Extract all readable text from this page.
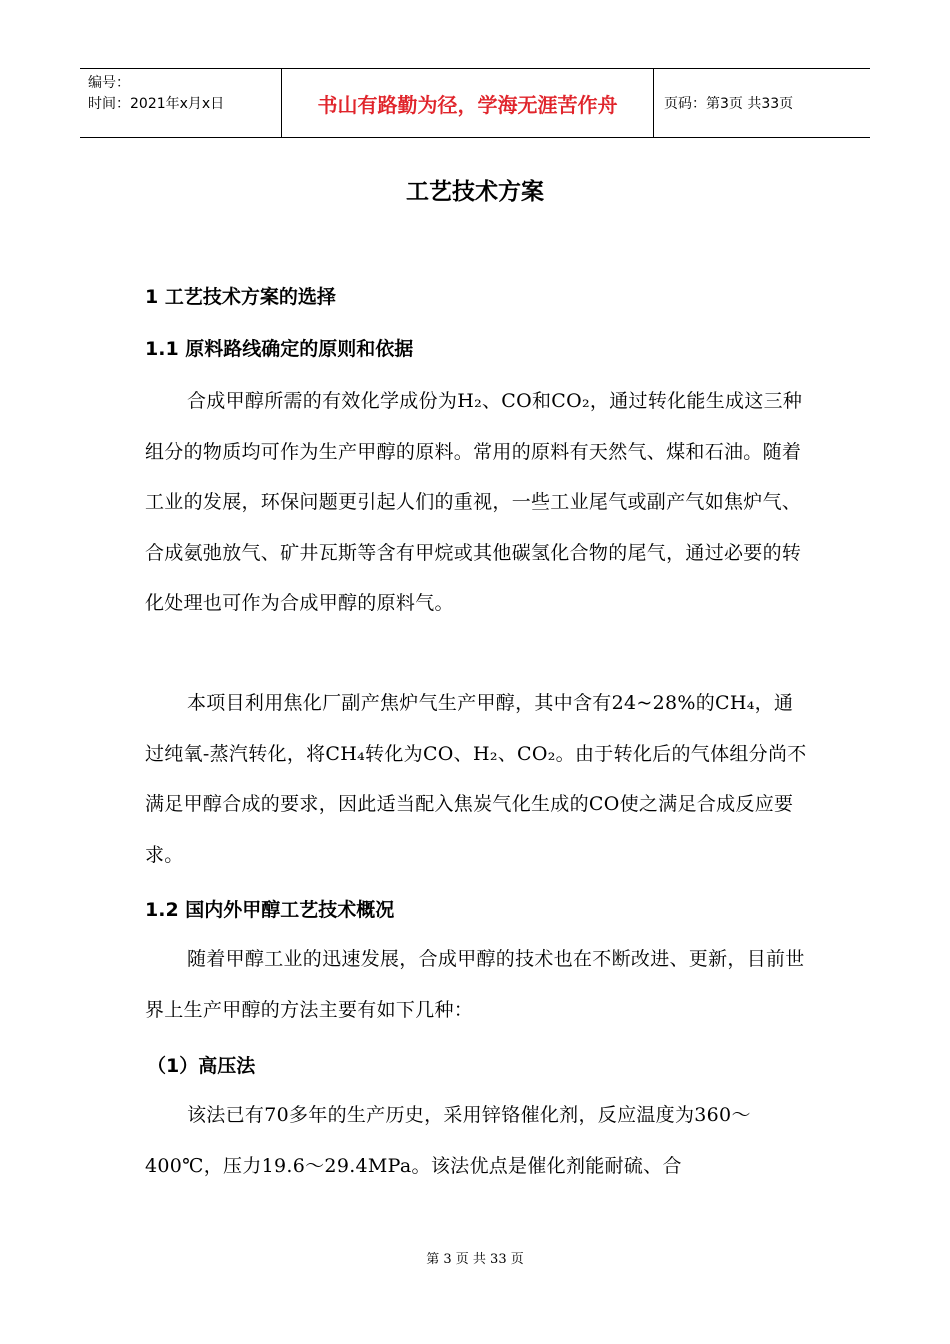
编号：
时间：2021年x月x日	书山有路勤为径，学海无涯苦作舟	页码：第3页 共33页
工艺技术方案
1 工艺技术方案的选择
1.1 原料路线确定的原则和依据

合成甲醇所需的有效化学成份为H₂、CO和CO₂，通过转化能生成这三种组分的物质均可作为生产甲醇的原料。常用的原料有天然气、煤和石油。随着工业的发展，环保问题更引起人们的重视，一些工业尾气或副产气如焦炉气、合成氨弛放气、矿井瓦斯等含有甲烷或其他碳氢化合物的尾气，通过必要的转化处理也可作为合成甲醇的原料气。

本项目利用焦化厂副产焦炉气生产甲醇，其中含有24~28%的CH₄，通过纯氧-蒸汽转化，将CH₄转化为CO、H₂、CO₂。由于转化后的气体组分尚不满足甲醇合成的要求，因此适当配入焦炭气化生成的CO使之满足合成反应要求。

1.2 国内外甲醇工艺技术概况

随着甲醇工业的迅速发展，合成甲醇的技术也在不断改进、更新，目前世界上生产甲醇的方法主要有如下几种：

（1）高压法

该法已有70多年的生产历史，采用锌铬催化剂，反应温度为360～400℃，压力19.6～29.4MPa。该法优点是催化剂能耐硫、合

第 3 页 共 33 页
